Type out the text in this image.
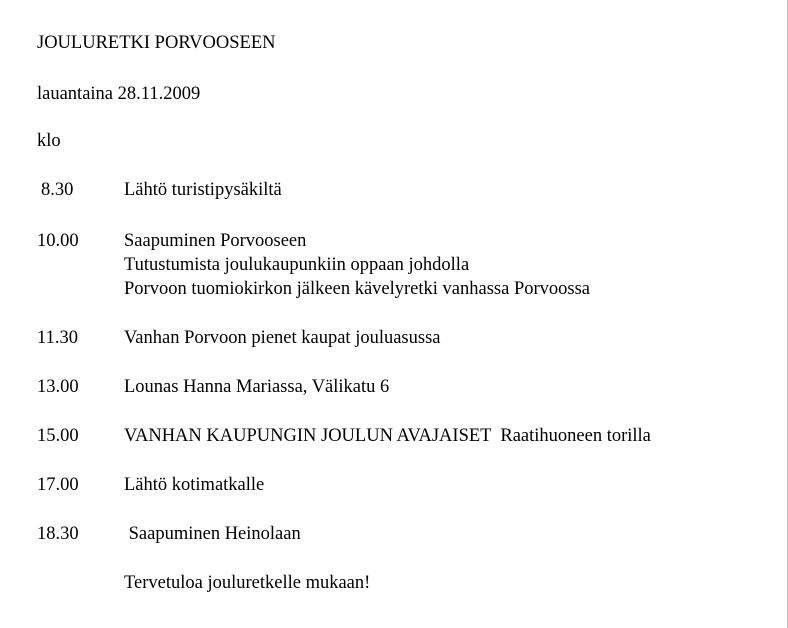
JOULURETKI PORVOOSEEN
lauantaina 28.11.2009
klo
8.30	Lähtö turistipysäkiltä
10.00 Saapuminen Porvooseen
Tutustumista joulukaupunkiin oppaan johdolla
Porvoon tuomiokirkon jälkeen kävelyretki vanhassa Porvoossa
11.30 Vanhan Porvoon pienet kaupat jouluasussa
13.00 Lounas Hanna Mariassa, Välikatu 6
15.00 VANHAN KAUPUNGIN JOULUN AVAJAISET  Raatihuoneen torilla
17.00 Lähtö kotimatkalle
18.30 Saapuminen Heinolaan
Tervetuloa jouluretkelle mukaan!
